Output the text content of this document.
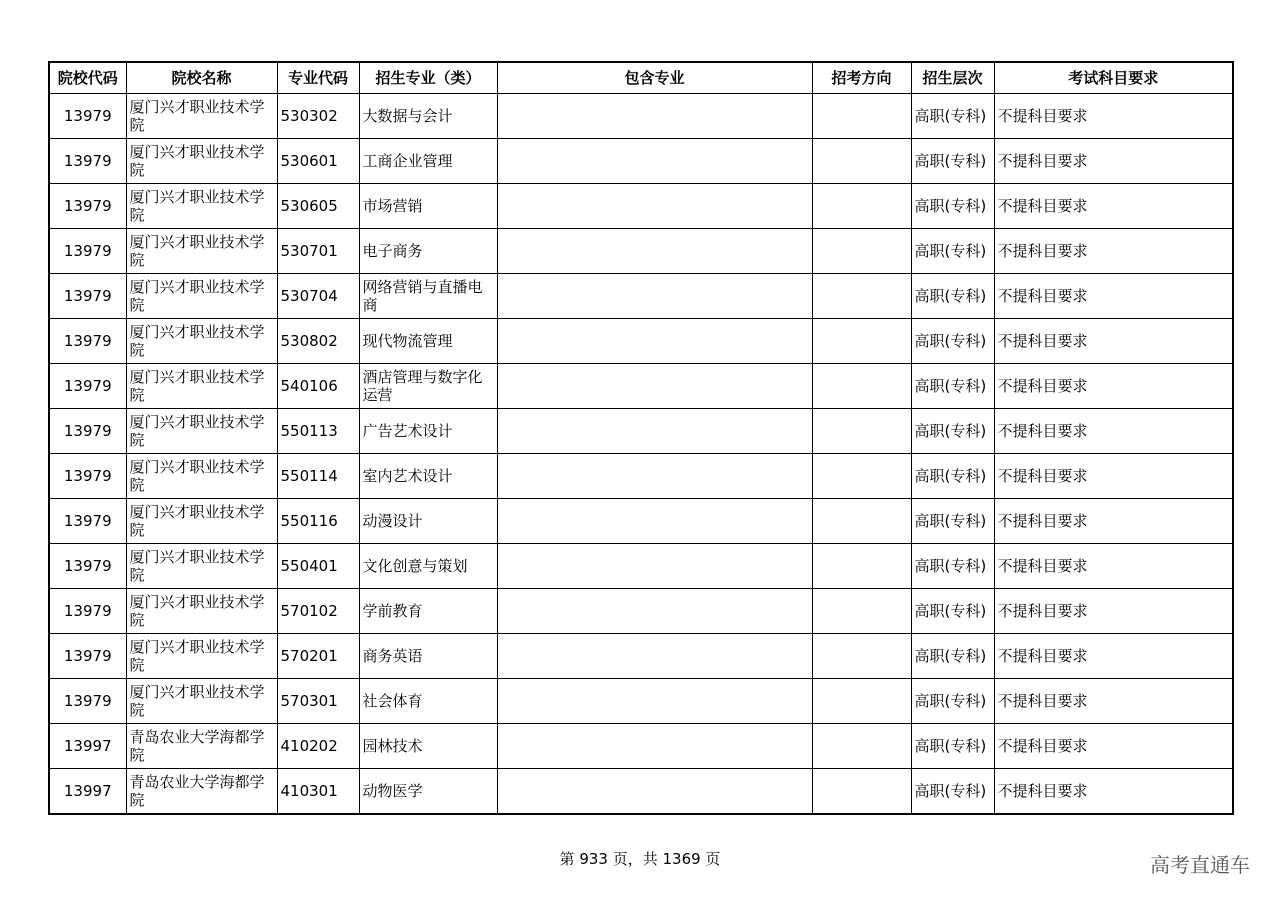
院校代码	院校名称	专业代码	招生专业（类）	包含专业	招考方向	招生层次	考试科目要求
13979	厦门兴才职业技术学院	530302	大数据与会计			高职(专科)	不提科目要求
13979	厦门兴才职业技术学院	530601	工商企业管理			高职(专科)	不提科目要求
13979	厦门兴才职业技术学院	530605	市场营销			高职(专科)	不提科目要求
13979	厦门兴才职业技术学院	530701	电子商务			高职(专科)	不提科目要求
13979	厦门兴才职业技术学院	530704	网络营销与直播电商			高职(专科)	不提科目要求
13979	厦门兴才职业技术学院	530802	现代物流管理			高职(专科)	不提科目要求
13979	厦门兴才职业技术学院	540106	酒店管理与数字化运营			高职(专科)	不提科目要求
13979	厦门兴才职业技术学院	550113	广告艺术设计			高职(专科)	不提科目要求
13979	厦门兴才职业技术学院	550114	室内艺术设计			高职(专科)	不提科目要求
13979	厦门兴才职业技术学院	550116	动漫设计			高职(专科)	不提科目要求
13979	厦门兴才职业技术学院	550401	文化创意与策划			高职(专科)	不提科目要求
13979	厦门兴才职业技术学院	570102	学前教育			高职(专科)	不提科目要求
13979	厦门兴才职业技术学院	570201	商务英语			高职(专科)	不提科目要求
13979	厦门兴才职业技术学院	570301	社会体育			高职(专科)	不提科目要求
13997	青岛农业大学海都学院	410202	园林技术			高职(专科)	不提科目要求
13997	青岛农业大学海都学院	410301	动物医学			高职(专科)	不提科目要求
第 933 页，共 1369 页	高考直通车
